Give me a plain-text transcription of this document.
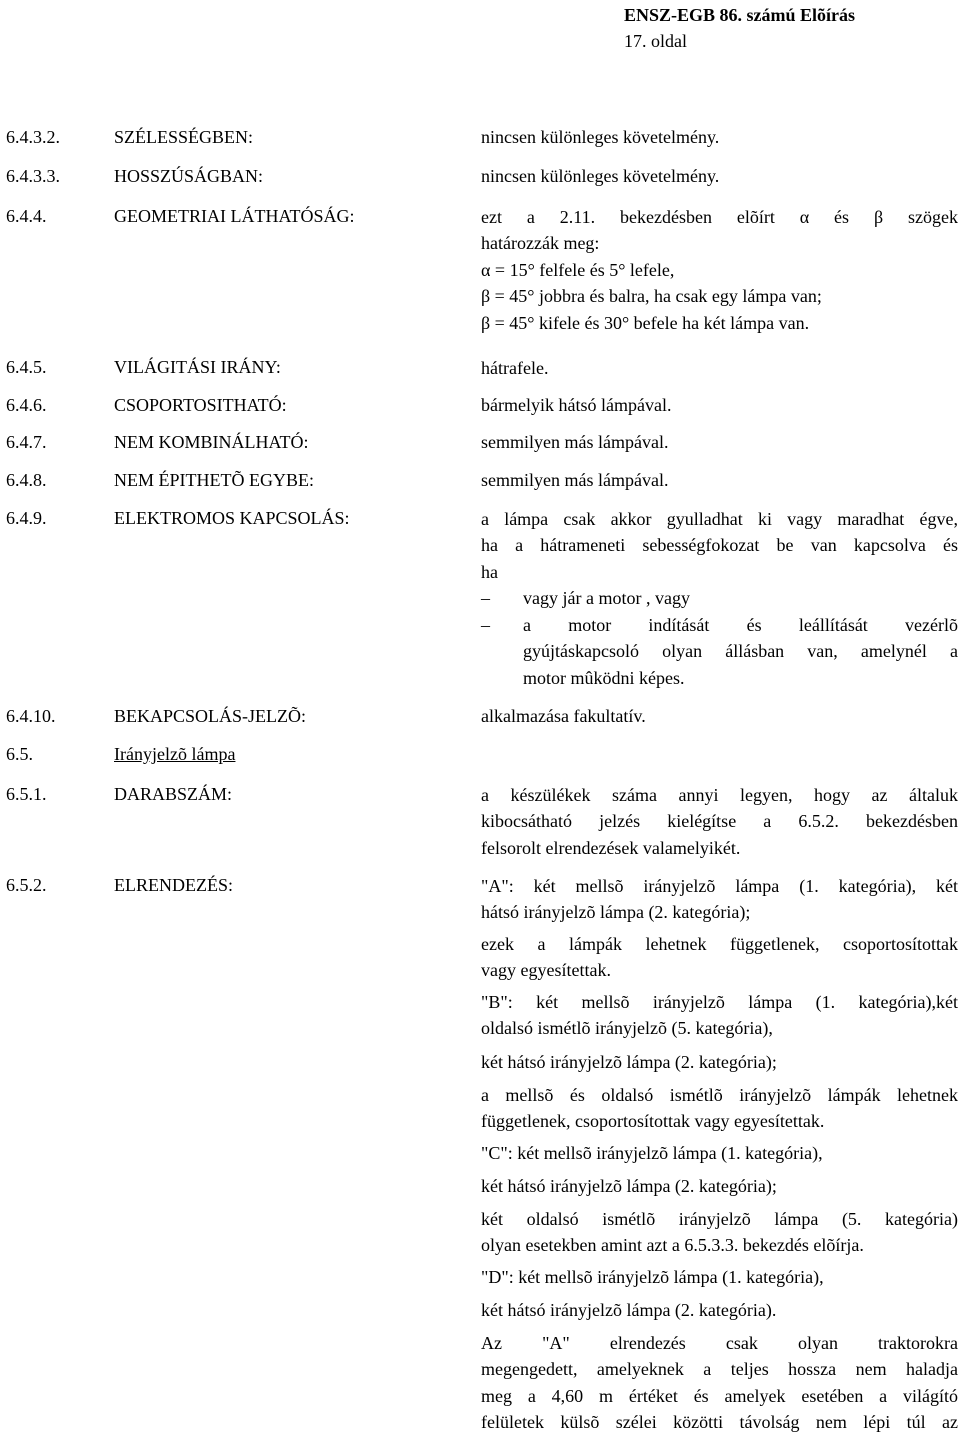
ENSZ-EGB 86. számú Elõírás
17. oldal
6.4.3.2.	SZÉLESSÉGBEN:	nincsen különleges követelmény.
6.4.3.3.	HOSSZÚSÁGBAN:	nincsen különleges követelmény.
6.4.4.	GEOMETRIAI LÁTHATÓSÁG:	ezt a 2.11. bekezdésben elõírt α és β szögek
határozzák meg:
α = 15° felfele és 5° lefele,
β = 45° jobbra és balra, ha csak egy lámpa van;
β = 45° kifele és 30° befele ha két lámpa van.
6.4.5.	VILÁGITÁSI IRÁNY:	hátrafele.
6.4.6.	CSOPORTOSITHATÓ:	bármelyik hátsó lámpával.
6.4.7.	NEM KOMBINÁLHATÓ:	semmilyen más lámpával.
6.4.8.	NEM ÉPITHETÕ EGYBE:	semmilyen más lámpával.
6.4.9.	ELEKTROMOS KAPCSOLÁS:	a lámpa csak akkor gyulladhat ki vagy maradhat égve,
ha a hátrameneti sebességfokozat be van kapcsolva és
ha
– vagy jár a motor , vagy
– a motor indítását és leállítását vezérlõ
gyújtáskapcsoló olyan állásban van, amelynél a
motor mûködni képes.
6.4.10.	BEKAPCSOLÁS-JELZÕ:	alkalmazása fakultatív.
6.5.	Irányjelzõ lámpa
6.5.1.	DARABSZÁM:	a készülékek száma annyi legyen, hogy az általuk
kibocsátható jelzés kielégítse a 6.5.2. bekezdésben
felsorolt elrendezések valamelyikét.
6.5.2.	ELRENDEZÉS:	"A": két mellsõ irányjelzõ lámpa (1. kategória), két
hátsó irányjelzõ lámpa (2. kategória);
ezek a lámpák lehetnek függetlenek, csoportosítottak
vagy egyesítettak.
"B": két mellsõ irányjelzõ lámpa (1. kategória),két
oldalsó ismétlõ irányjelzõ (5. kategória),
két hátsó irányjelzõ lámpa (2. kategória);
a mellsõ és oldalsó ismétlõ irányjelzõ lámpák lehetnek
függetlenek, csoportosítottak vagy egyesítettak.
"C": két mellsõ irányjelzõ lámpa (1. kategória),
két hátsó irányjelzõ lámpa (2. kategória);
két oldalsó ismétlõ irányjelzõ lámpa (5. kategória)
olyan esetekben amint azt a 6.5.3.3. bekezdés elõírja.
"D": két mellsõ irányjelzõ lámpa (1. kategória),
két hátsó irányjelzõ lámpa (2. kategória).
Az "A" elrendezés csak olyan traktorokra
megengedett, amelyeknek a teljes hossza nem haladja
meg a 4,60 m értéket és amelyek esetében a világító
felületek külsõ szélei közötti távolság nem lépi túl az
